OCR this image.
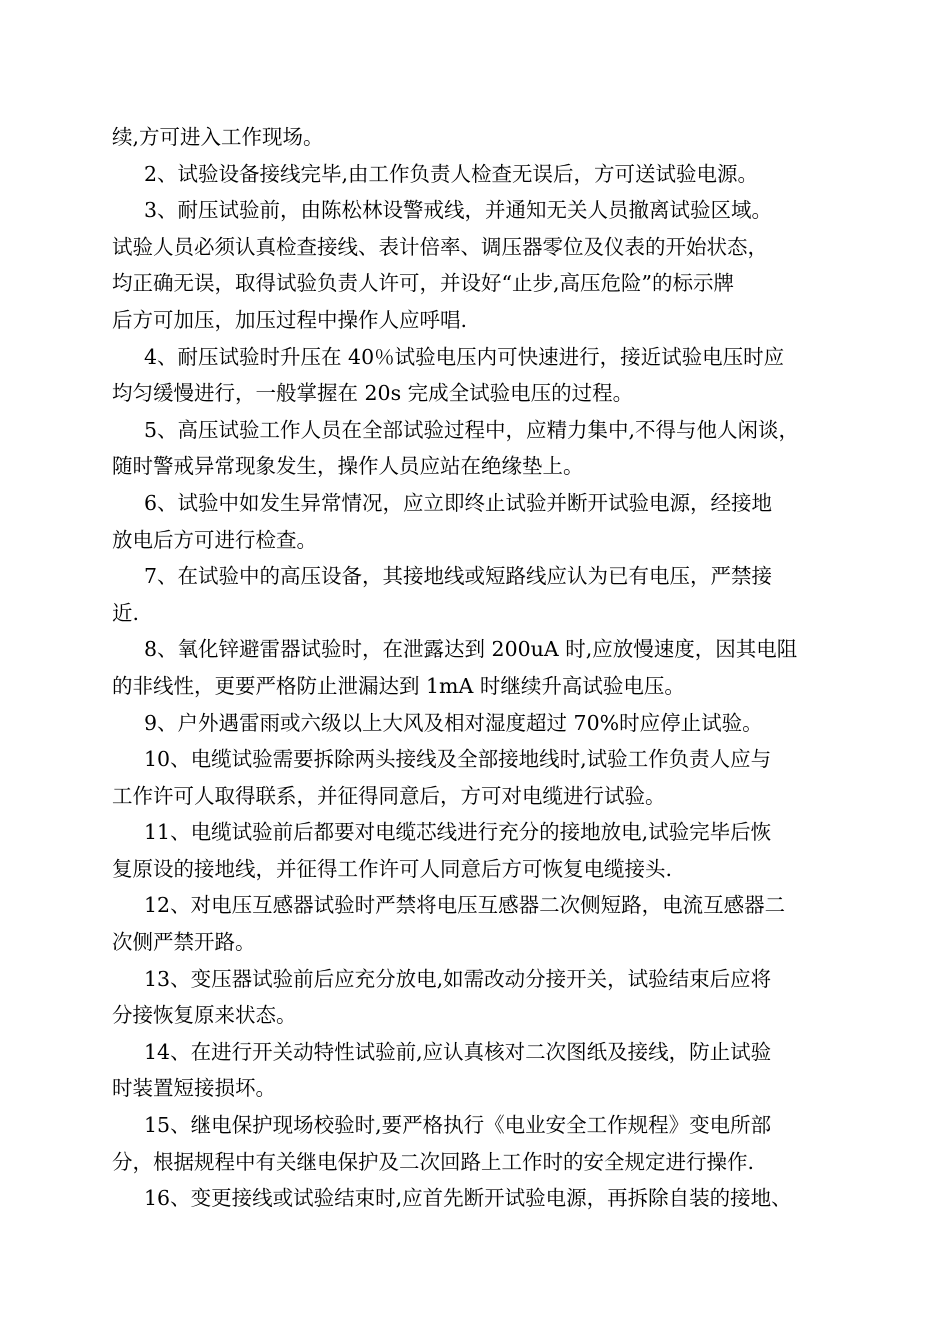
续,方可进入工作现场。
2、试验设备接线完毕,由工作负责人检查无误后，方可送试验电源。
3、耐压试验前，由陈松林设警戒线，并通知无关人员撤离试验区域。
试验人员必须认真检查接线、表计倍率、调压器零位及仪表的开始状态，
均正确无误，取得试验负责人许可，并设好“止步,高压危险”的标示牌
后方可加压，加压过程中操作人应呼唱.
4、耐压试验时升压在 40％试验电压内可快速进行，接近试验电压时应
均匀缓慢进行，一般掌握在 20s 完成全试验电压的过程。
5、高压试验工作人员在全部试验过程中，应精力集中,不得与他人闲谈，
随时警戒异常现象发生，操作人员应站在绝缘垫上。
6、试验中如发生异常情况，应立即终止试验并断开试验电源，经接地
放电后方可进行检查。
7、在试验中的高压设备，其接地线或短路线应认为已有电压，严禁接
近.
8、氧化锌避雷器试验时，在泄露达到 200uA 时,应放慢速度，因其电阻
的非线性，更要严格防止泄漏达到 1mA 时继续升高试验电压。
9、户外遇雷雨或六级以上大风及相对湿度超过 70%时应停止试验。
10、电缆试验需要拆除两头接线及全部接地线时,试验工作负责人应与
工作许可人取得联系，并征得同意后，方可对电缆进行试验。
11、电缆试验前后都要对电缆芯线进行充分的接地放电,试验完毕后恢
复原设的接地线，并征得工作许可人同意后方可恢复电缆接头.
12、对电压互感器试验时严禁将电压互感器二次侧短路，电流互感器二
次侧严禁开路。
13、变压器试验前后应充分放电,如需改动分接开关，试验结束后应将
分接恢复原来状态。
14、在进行开关动特性试验前,应认真核对二次图纸及接线，防止试验
时装置短接损坏。
15、继电保护现场校验时,要严格执行《电业安全工作规程》变电所部
分，根据规程中有关继电保护及二次回路上工作时的安全规定进行操作.
16、变更接线或试验结束时,应首先断开试验电源，再拆除自装的接地、
